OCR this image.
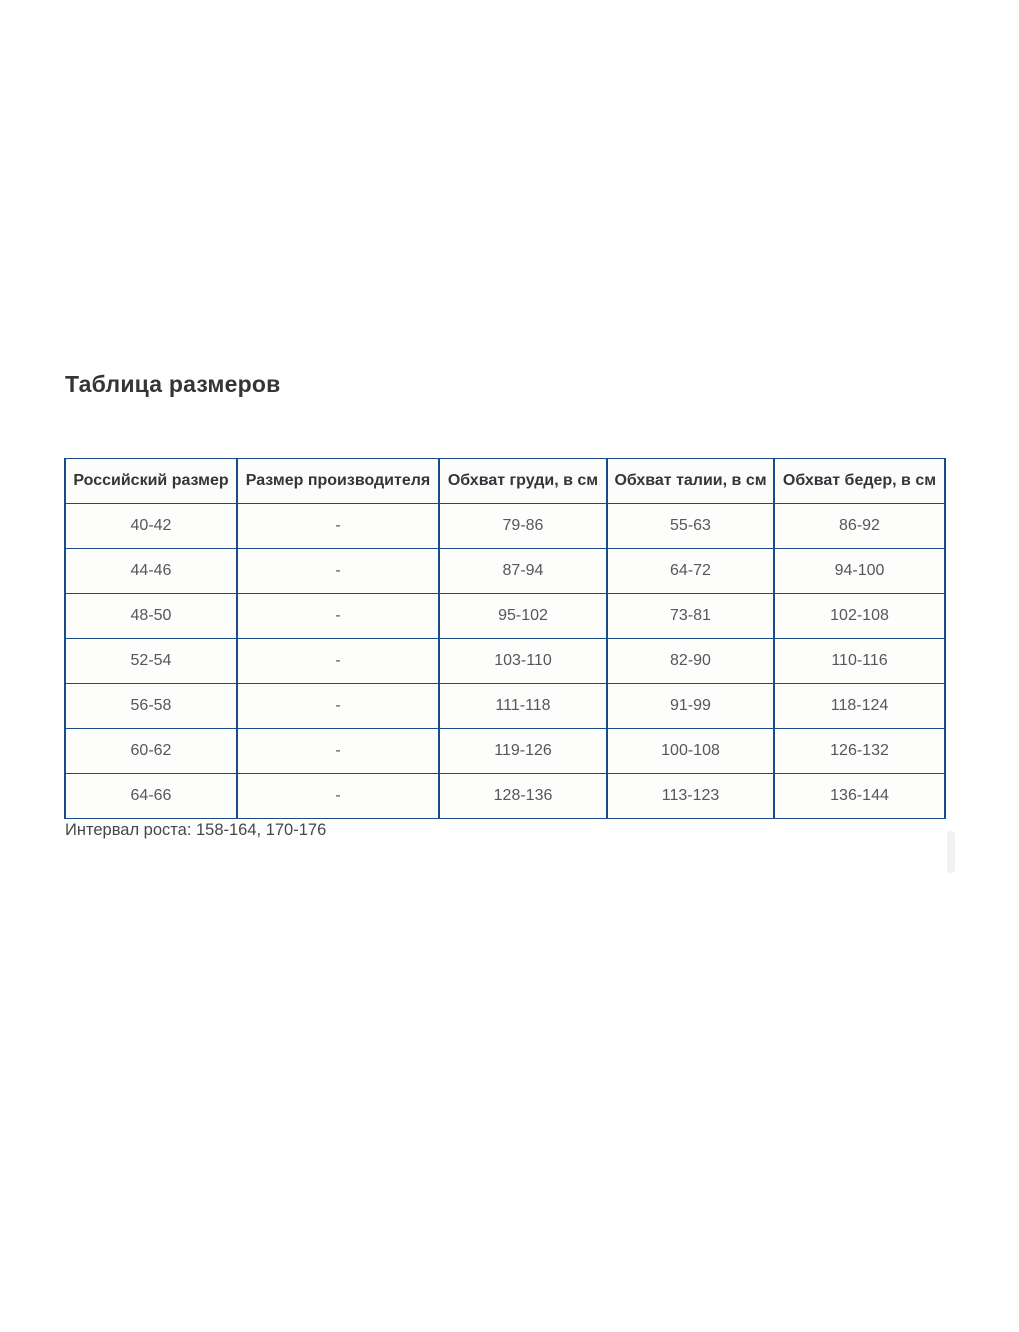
Таблица размеров
Российский размер	Размер производителя	Обхват груди, в см	Обхват талии, в см	Обхват бедер, в см
40-42	-	79-86	55-63	86-92
44-46	-	87-94	64-72	94-100
48-50	-	95-102	73-81	102-108
52-54	-	103-110	82-90	110-116
56-58	-	111-118	91-99	118-124
60-62	-	119-126	100-108	126-132
64-66	-	128-136	113-123	136-144
Интервал роста: 158-164, 170-176
